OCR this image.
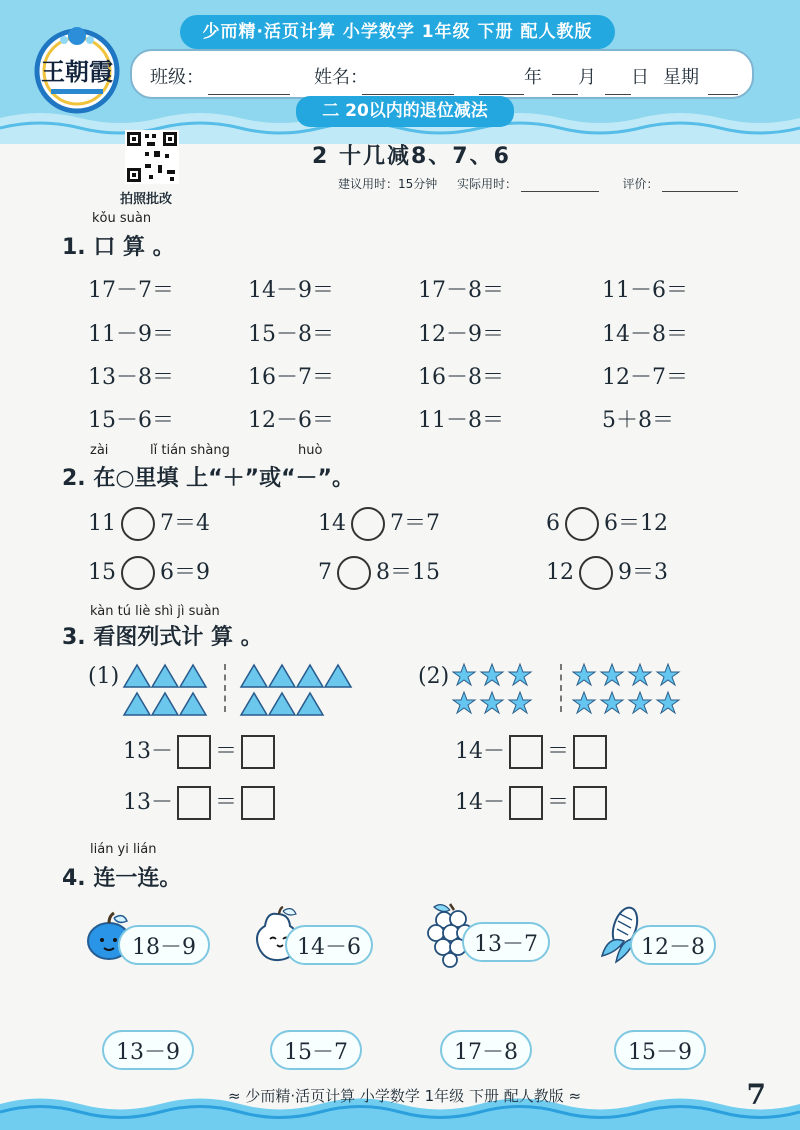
王朝霞
少而精·活页计算 小学数学 1年级 下册 配人教版
班级：	姓名：	年 月 日 星期
二 20以内的退位减法
拍照批改
2 十几减8、7、6
建议用时：15分钟 实际用时：	评价：
kǒu suàn
1. 口 算 。
17－7＝	14－9＝	17－8＝	11－6＝
11－9＝	15－8＝	12－9＝	14－8＝
13－8＝	16－7＝	16－8＝	12－7＝
15－6＝	12－6＝	11－8＝	5＋8＝
zài	lǐ tián shàng	huò
2. 在○里填 上“＋”或“－”。
11 7＝4	14 7＝7	6 6＝12
15 6＝9	7 8＝15	12 9＝3
kàn tú liè shì jì suàn
3. 看图列式计 算 。
(1)	(2)
13－ ＝	14－ ＝
13－ ＝	14－ ＝
lián yi lián
4. 连一连。
18－9	14－6	13－7	12－8
13－9	15－7	17－8	15－9
≈ 少而精·活页计算 小学数学 1年级 下册 配人教版 ≈	7
